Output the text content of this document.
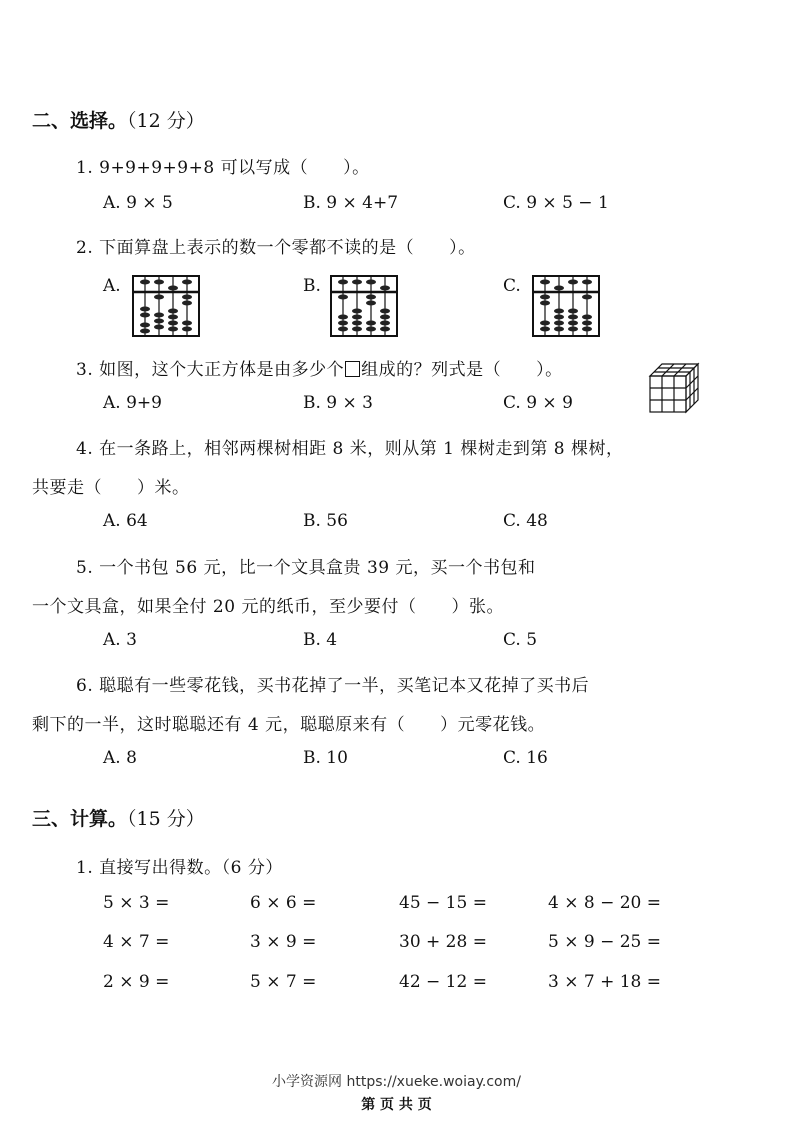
二、选择。（12 分）
1. 9+9+9+9+8 可以写成（　　）。
A. 9 × 5	B. 9 × 4+7	C. 9 × 5 − 1
2. 下面算盘上表示的数一个零都不读的是（　　）。
A.	B.	C.
3. 如图，这个大正方体是由多少个 组成的？列式是（　　）。
A. 9+9	B. 9 × 3	C. 9 × 9
4. 在一条路上，相邻两棵树相距 8 米，则从第 1 棵树走到第 8 棵树，
共要走（　　）米。
A. 64	B. 56	C. 48
5. 一个书包 56 元，比一个文具盒贵 39 元，买一个书包和
一个文具盒，如果全付 20 元的纸币，至少要付（　　）张。
A. 3	B. 4	C. 5
6. 聪聪有一些零花钱，买书花掉了一半，买笔记本又花掉了买书后
剩下的一半，这时聪聪还有 4 元，聪聪原来有（　　）元零花钱。
A. 8	B. 10	C. 16
三、计算。（15 分）
1. 直接写出得数。（6 分）
5 × 3 =	6 × 6 =	45 − 15 =	4 × 8 − 20 =
4 × 7 =	3 × 9 =	30 + 28 =	5 × 9 − 25 =
2 × 9 =	5 × 7 =	42 − 12 =	3 × 7 + 18 =
小学资源网 https://xueke.woiay.com/
第 页 共 页
